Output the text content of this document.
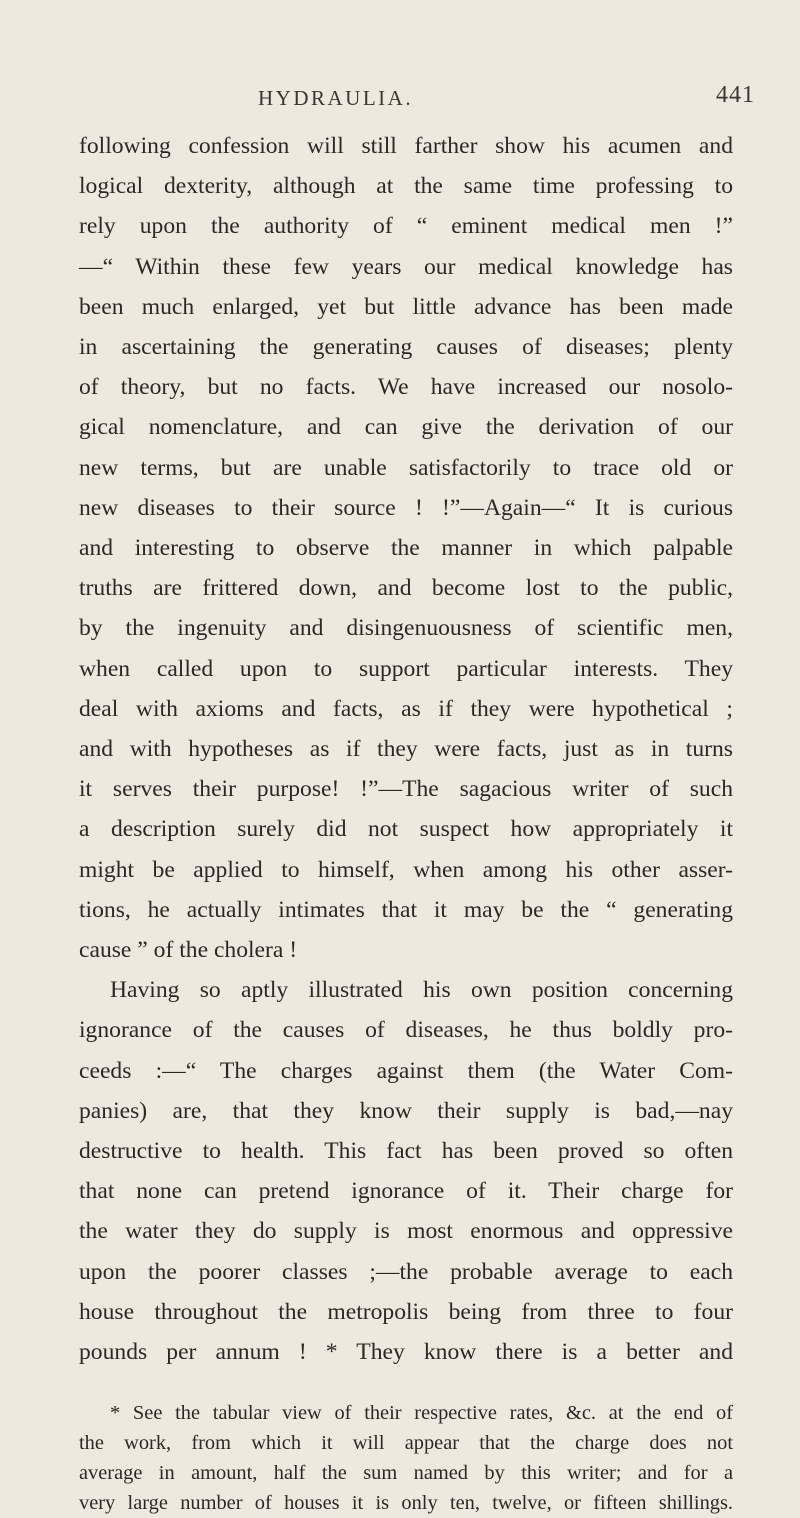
HYDRAULIA.	441
following confession will still farther show his acumen and
logical dexterity, although at the same time professing to
rely upon the authority of “ eminent medical men !”
—“ Within these few years our medical knowledge has
been much enlarged, yet but little advance has been made
in ascertaining the generating causes of diseases; plenty
of theory, but no facts. We have increased our nosolo-
gical nomenclature, and can give the derivation of our
new terms, but are unable satisfactorily to trace old or
new diseases to their source ! !”—Again—“ It is curious
and interesting to observe the manner in which palpable
truths are frittered down, and become lost to the public,
by the ingenuity and disingenuousness of scientific men,
when called upon to support particular interests. They
deal with axioms and facts, as if they were hypothetical ;
and with hypotheses as if they were facts, just as in turns
it serves their purpose! !”—The sagacious writer of such
a description surely did not suspect how appropriately it
might be applied to himself, when among his other asser-
tions, he actually intimates that it may be the “ generating
cause ” of the cholera !
Having so aptly illustrated his own position concerning
ignorance of the causes of diseases, he thus boldly pro-
ceeds :—“ The charges against them (the Water Com-
panies) are, that they know their supply is bad,—nay
destructive to health. This fact has been proved so often
that none can pretend ignorance of it. Their charge for
the water they do supply is most enormous and oppressive
upon the poorer classes ;—the probable average to each
house throughout the metropolis being from three to four
pounds per annum ! * They know there is a better and
* See the tabular view of their respective rates, &c. at the end of
the work, from which it will appear that the charge does not
average in amount, half the sum named by this writer; and for a
very large number of houses it is only ten, twelve, or fifteen shillings.
